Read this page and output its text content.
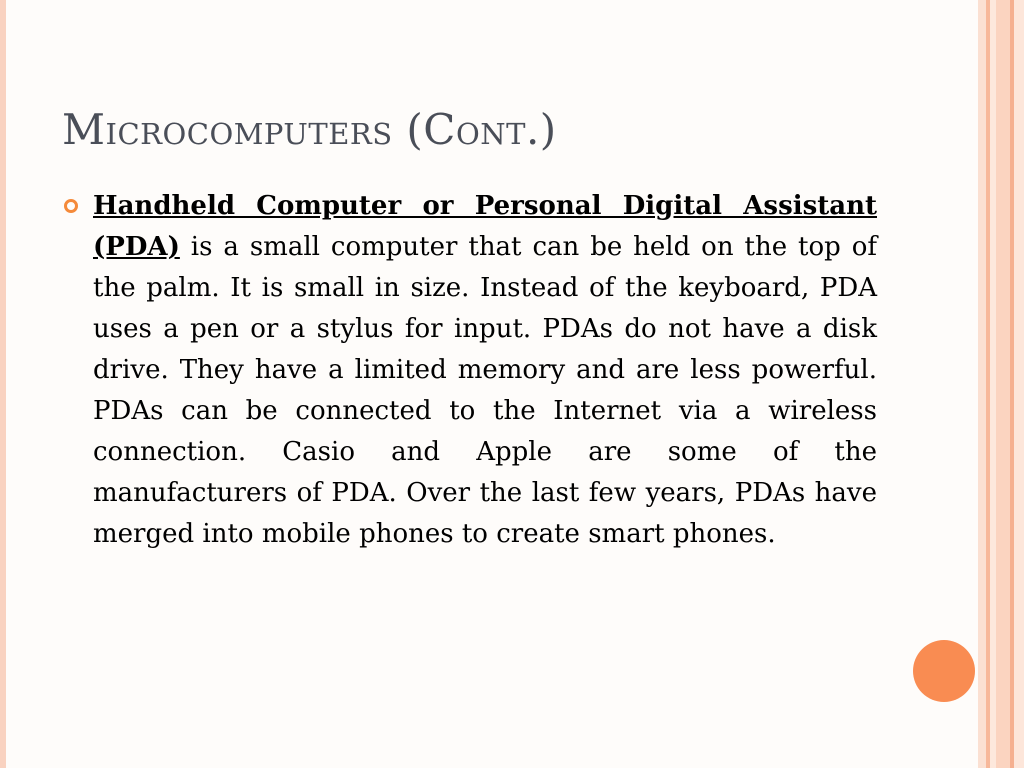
Microcomputers (Cont.)

Handheld Computer or Personal Digital Assistant (PDA) is a small computer that can be held on the top of the palm. It is small in size. Instead of the keyboard, PDA uses a pen or a stylus for input. PDAs do not have a disk drive. They have a limited memory and are less powerful. PDAs can be connected to the Internet via a wireless connection. Casio and Apple are some of the manufacturers of PDA. Over the last few years, PDAs have merged into mobile phones to create smart phones.
